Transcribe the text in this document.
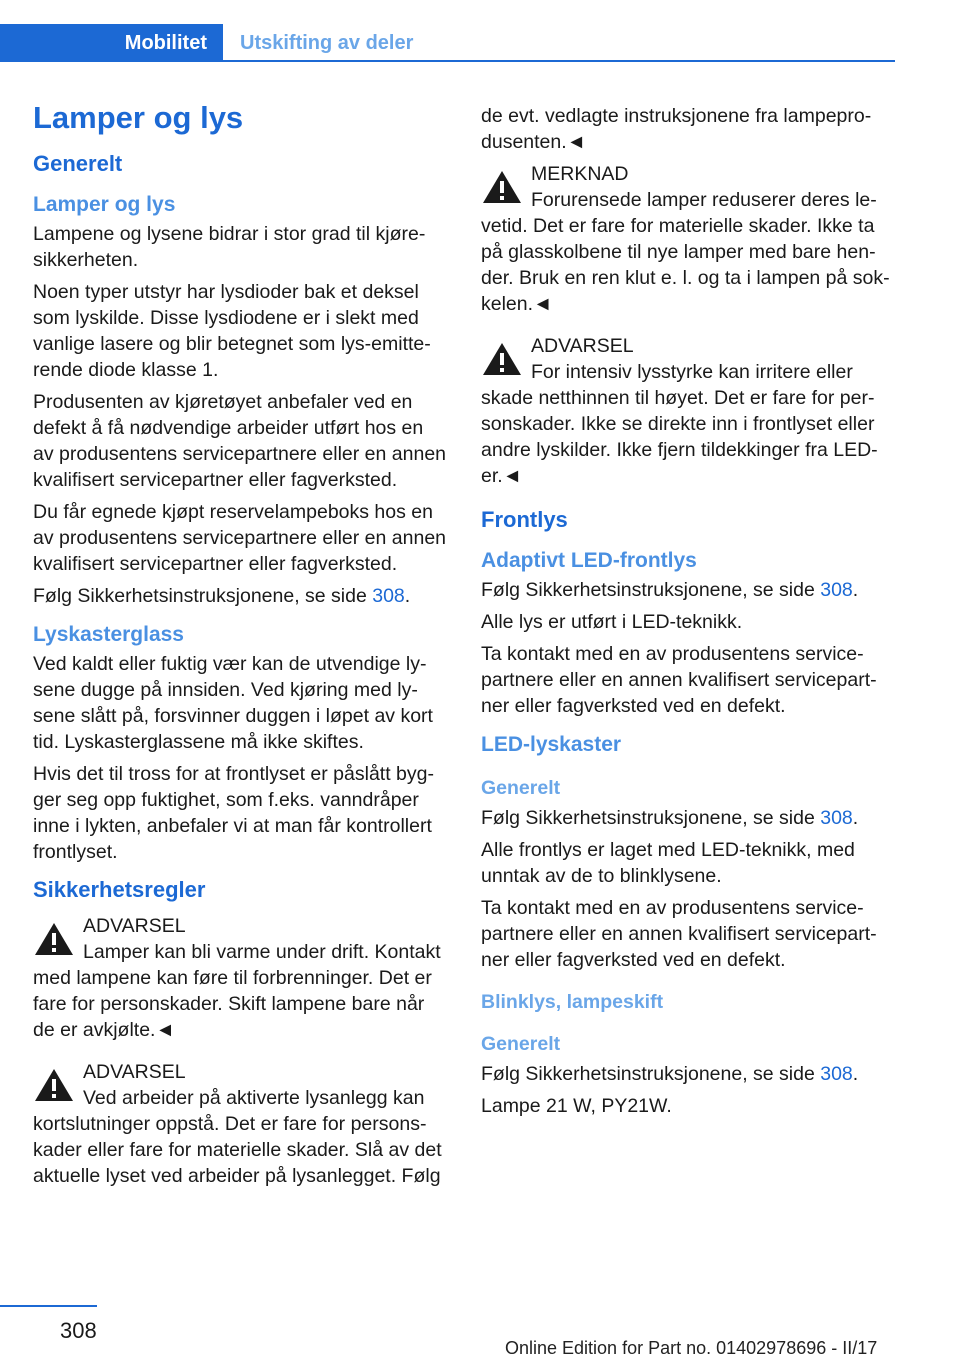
Mobilitet	Utskifting av deler
Lamper og lys
Generelt
Lamper og lys

Lampene og lysene bidrar i stor grad til kjøresikkerheten.

Noen typer utstyr har lysdioder bak et deksel som lyskilde. Disse lysdiodene er i slekt med vanlige lasere og blir betegnet som lys-emitterende diode klasse 1.

Produsenten av kjøretøyet anbefaler ved en defekt å få nødvendige arbeider utført hos en av produsentens servicepartnere eller en annen kvalifisert servicepartner eller fagverksted.

Du får egnede kjøpt reservelampeboks hos en av produsentens servicepartnere eller en annen kvalifisert servicepartner eller fagverksted.

Følg Sikkerhetsinstruksjonene, se side 308.

Lyskasterglass

Ved kaldt eller fuktig vær kan de utvendige lysene dugge på innsiden. Ved kjøring med lysene slått på, forsvinner duggen i løpet av kort tid. Lyskasterglassene må ikke skiftes.

Hvis det til tross for at frontlyset er påslått bygger seg opp fuktighet, som f.eks. vanndråper inne i lykten, anbefaler vi at man får kontrollert frontlyset.

Sikkerhetsregler
ADVARSEL
Lamper kan bli varme under drift. Kontakt med lampene kan føre til forbrenninger. Det er fare for personskader. Skift lampene bare når de er avkjølte.◄
ADVARSEL
Ved arbeider på aktiverte lysanlegg kan kortslutninger oppstå. Det er fare for personskader eller fare for materielle skader. Slå av det aktuelle lyset ved arbeider på lysanlegget. Følg

de evt. vedlagte instruksjonene fra lampeprodusenten.◄

MERKNAD
Forurensede lamper reduserer deres levetid. Det er fare for materielle skader. Ikke ta på glasskolbene til nye lamper med bare hender. Bruk en ren klut e. l. og ta i lampen på sokkelen.◄
ADVARSEL
For intensiv lysstyrke kan irritere eller skade netthinnen til høyet. Det er fare for personskader. Ikke se direkte inn i frontlyset eller andre lyskilder. Ikke fjern tildekkinger fra LED-er.◄
Frontlys
Adaptivt LED-frontlys

Følg Sikkerhetsinstruksjonene, se side 308.

Alle lys er utført i LED-teknikk.

Ta kontakt med en av produsentens servicepartnere eller en annen kvalifisert servicepartner eller fagverksted ved en defekt.

LED-lyskaster
Generelt

Følg Sikkerhetsinstruksjonene, se side 308.

Alle frontlys er laget med LED-teknikk, med unntak av de to blinklysene.

Ta kontakt med en av produsentens servicepartnere eller en annen kvalifisert servicepartner eller fagverksted ved en defekt.

Blinklys, lampeskift
Generelt

Følg Sikkerhetsinstruksjonene, se side 308.

Lampe 21 W, PY21W.

308
Online Edition for Part no. 01402978696 - II/17
